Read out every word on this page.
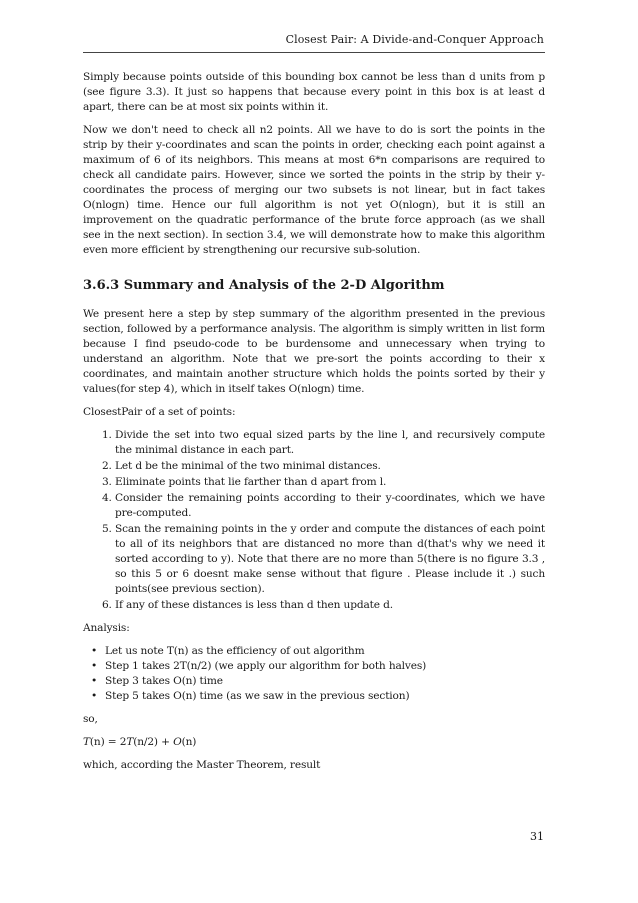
Closest Pair: A Divide-and-Conquer Approach

Simply because points outside of this bounding box cannot be less than d units from p (see figure 3.3). It just so happens that because every point in this box is at least d apart, there can be at most six points within it.

Now we don't need to check all n2 points. All we have to do is sort the points in the strip by their y-coordinates and scan the points in order, checking each point against a maximum of 6 of its neighbors. This means at most 6*n comparisons are required to check all candidate pairs. However, since we sorted the points in the strip by their y-coordinates the process of merging our two subsets is not linear, but in fact takes O(nlogn) time. Hence our full algorithm is not yet O(nlogn), but it is still an improvement on the quadratic performance of the brute force approach (as we shall see in the next section). In section 3.4, we will demonstrate how to make this algorithm even more efficient by strengthening our recursive sub-solution.

3.6.3 Summary and Analysis of the 2-D Algorithm

We present here a step by step summary of the algorithm presented in the previous section, followed by a performance analysis. The algorithm is simply written in list form because I find pseudo-code to be burdensome and unnecessary when trying to understand an algorithm. Note that we pre-sort the points according to their x coordinates, and maintain another structure which holds the points sorted by their y values(for step 4), which in itself takes O(nlogn) time.

ClosestPair of a set of points:

1. Divide the set into two equal sized parts by the line l, and recursively compute the minimal distance in each part.
2. Let d be the minimal of the two minimal distances.
3. Eliminate points that lie farther than d apart from l.
4. Consider the remaining points according to their y-coordinates, which we have pre-computed.
5. Scan the remaining points in the y order and compute the distances of each point to all of its neighbors that are distanced no more than d(that's why we need it sorted according to y). Note that there are no more than 5(there is no figure 3.3 , so this 5 or 6 doesnt make sense without that figure . Please include it .) such points(see previous section).
6. If any of these distances is less than d then update d.

Analysis:

• Let us note T(n) as the efficiency of out algorithm
• Step 1 takes 2T(n/2) (we apply our algorithm for both halves)
• Step 3 takes O(n) time
• Step 5 takes O(n) time (as we saw in the previous section)

so,

T(n) = 2T(n/2) + O(n)

which, according the Master Theorem, result

31
